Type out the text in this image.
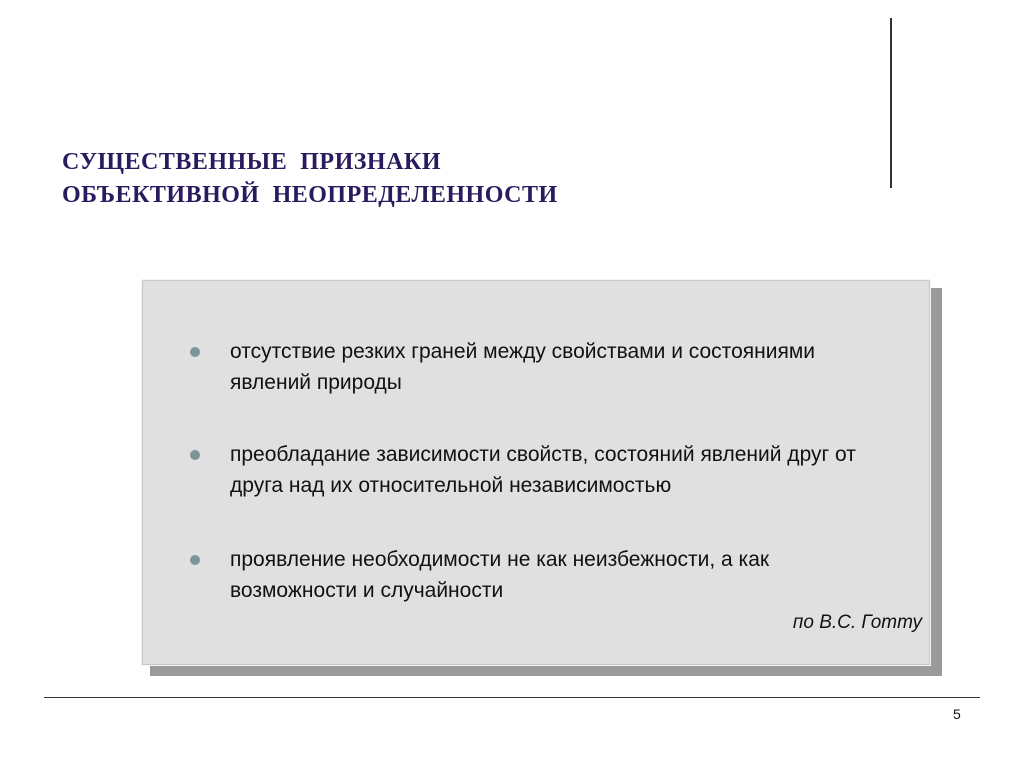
СУЩЕСТВЕННЫЕ  ПРИЗНАКИ
ОБЪЕКТИВНОЙ  НЕОПРЕДЕЛЕННОСТИ
отсутствие резких граней между свойствами и состояниями явлений природы
преобладание зависимости свойств, состояний явлений друг от друга над их относительной независимостью
проявление необходимости не как неизбежности, а как возможности и случайности
по В.С. Готту
5
